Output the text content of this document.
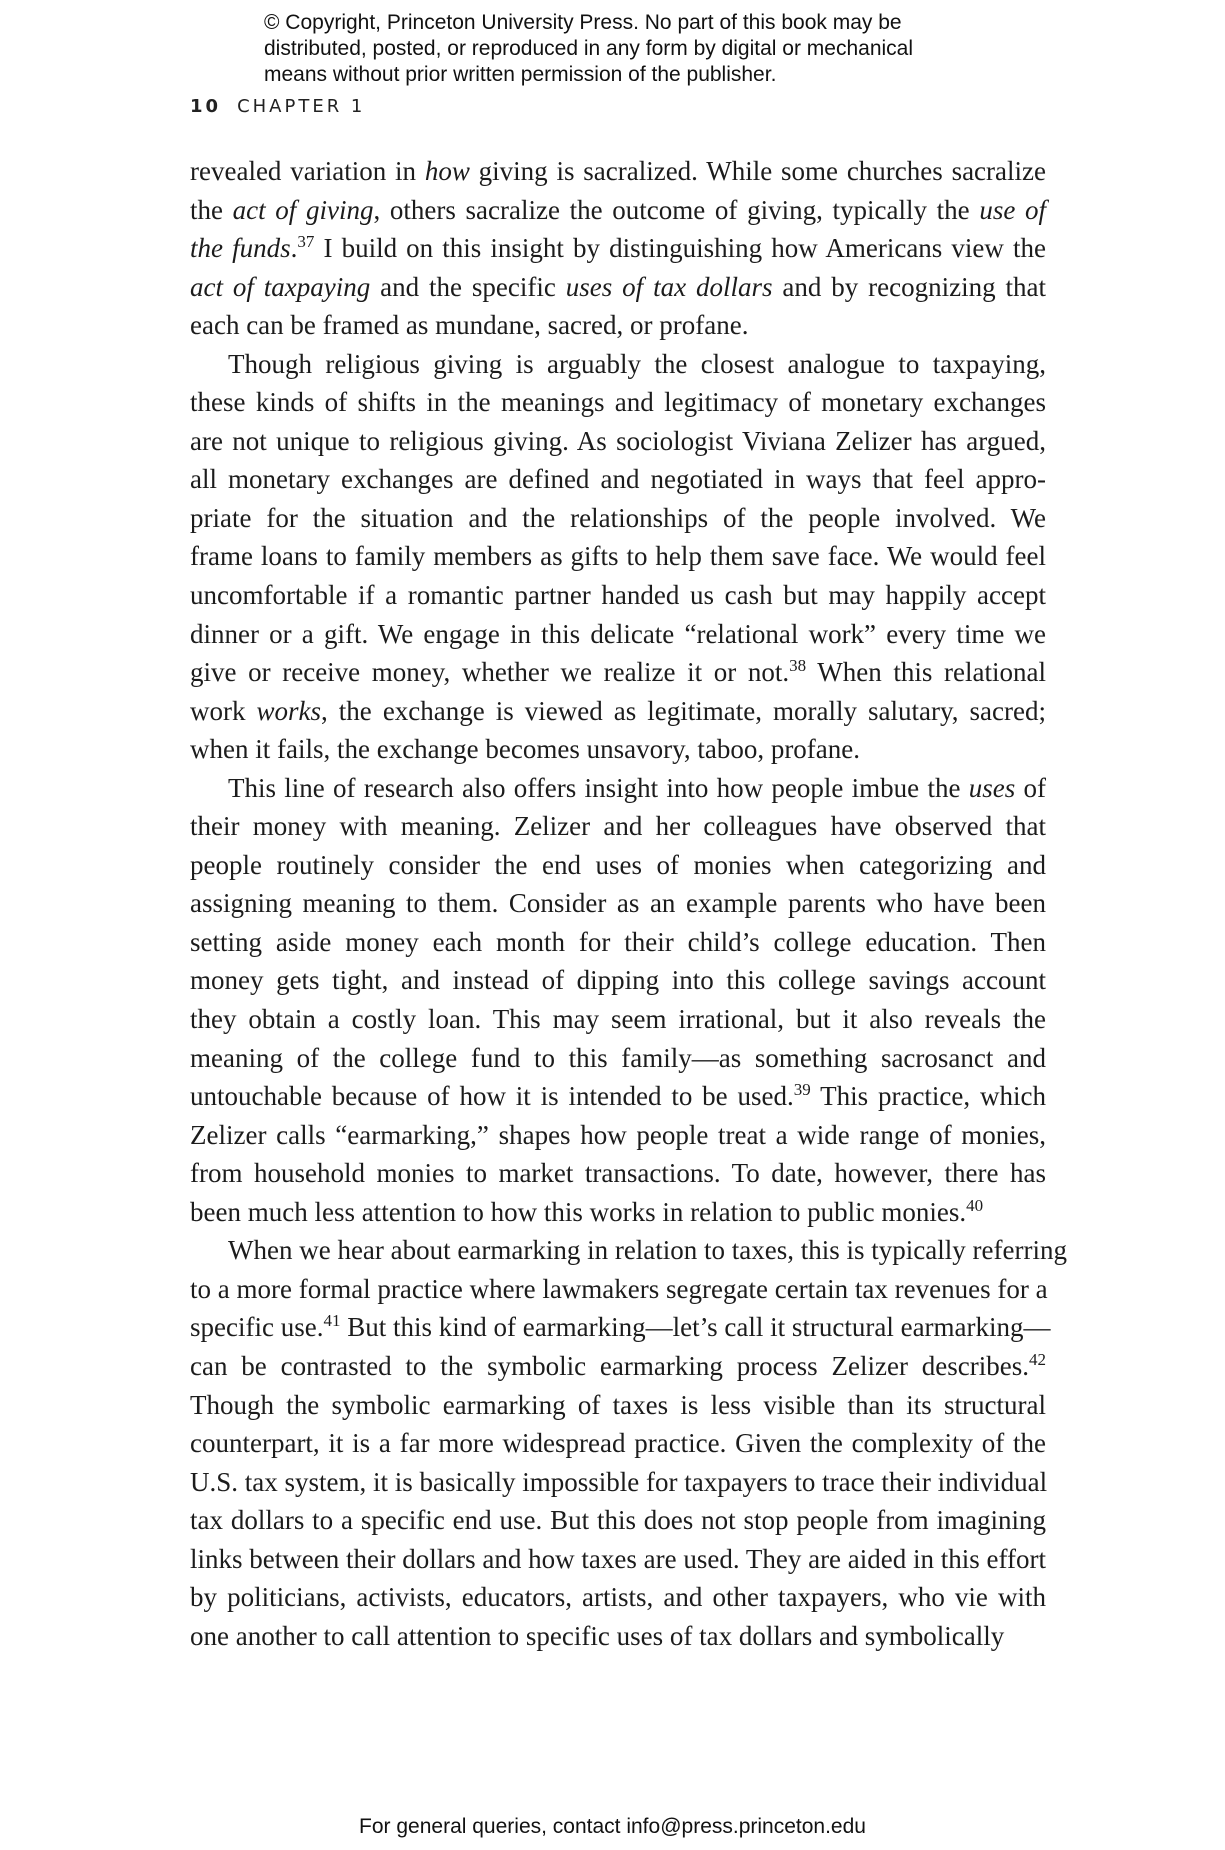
© Copyright, Princeton University Press. No part of this book may be
distributed, posted, or reproduced in any form by digital or mechanical
means without prior written permission of the publisher.
10 CHAPTER 1
revealed variation in how giving is sacralized. While some churches sacralize
the act of giving, others sacralize the outcome of giving, typically the use of
the funds.$^{37}$ I build on this insight by distinguishing how Americans view the
act of taxpaying and the specific uses of tax dollars and by recognizing that
each can be framed as mundane, sacred, or profane.
Though religious giving is arguably the closest analogue to taxpaying,
these kinds of shifts in the meanings and legitimacy of monetary exchanges
are not unique to religious giving. As sociologist Viviana Zelizer has argued,
all monetary exchanges are defined and negotiated in ways that feel appro-
priate for the situation and the relationships of the people involved. We
frame loans to family members as gifts to help them save face. We would feel
uncomfortable if a romantic partner handed us cash but may happily accept
dinner or a gift. We engage in this delicate “relational work” every time we
give or receive money, whether we realize it or not.$^{38}$ When this relational
work works, the exchange is viewed as legitimate, morally salutary, sacred;
when it fails, the exchange becomes unsavory, taboo, profane.
This line of research also offers insight into how people imbue the uses of
their money with meaning. Zelizer and her colleagues have observed that
people routinely consider the end uses of monies when categorizing and
assigning meaning to them. Consider as an example parents who have been
setting aside money each month for their child’s college education. Then
money gets tight, and instead of dipping into this college savings account
they obtain a costly loan. This may seem irrational, but it also reveals the
meaning of the college fund to this family—as something sacrosanct and
untouchable because of how it is intended to be used.$^{39}$ This practice, which
Zelizer calls “earmarking,” shapes how people treat a wide range of monies,
from household monies to market transactions. To date, however, there has
been much less attention to how this works in relation to public monies.$^{40}$
When we hear about earmarking in relation to taxes, this is typically referring
to a more formal practice where lawmakers segregate certain tax revenues for a
specific use.$^{41}$ But this kind of earmarking—let’s call it structural earmarking—
can be contrasted to the symbolic earmarking process Zelizer describes.$^{42}$
Though the symbolic earmarking of taxes is less visible than its structural
counterpart, it is a far more widespread practice. Given the complexity of the
U.S. tax system, it is basically impossible for taxpayers to trace their individual
tax dollars to a specific end use. But this does not stop people from imagining
links between their dollars and how taxes are used. They are aided in this effort
by politicians, activists, educators, artists, and other taxpayers, who vie with
one another to call attention to specific uses of tax dollars and symbolically
For general queries, contact info@press.princeton.edu
